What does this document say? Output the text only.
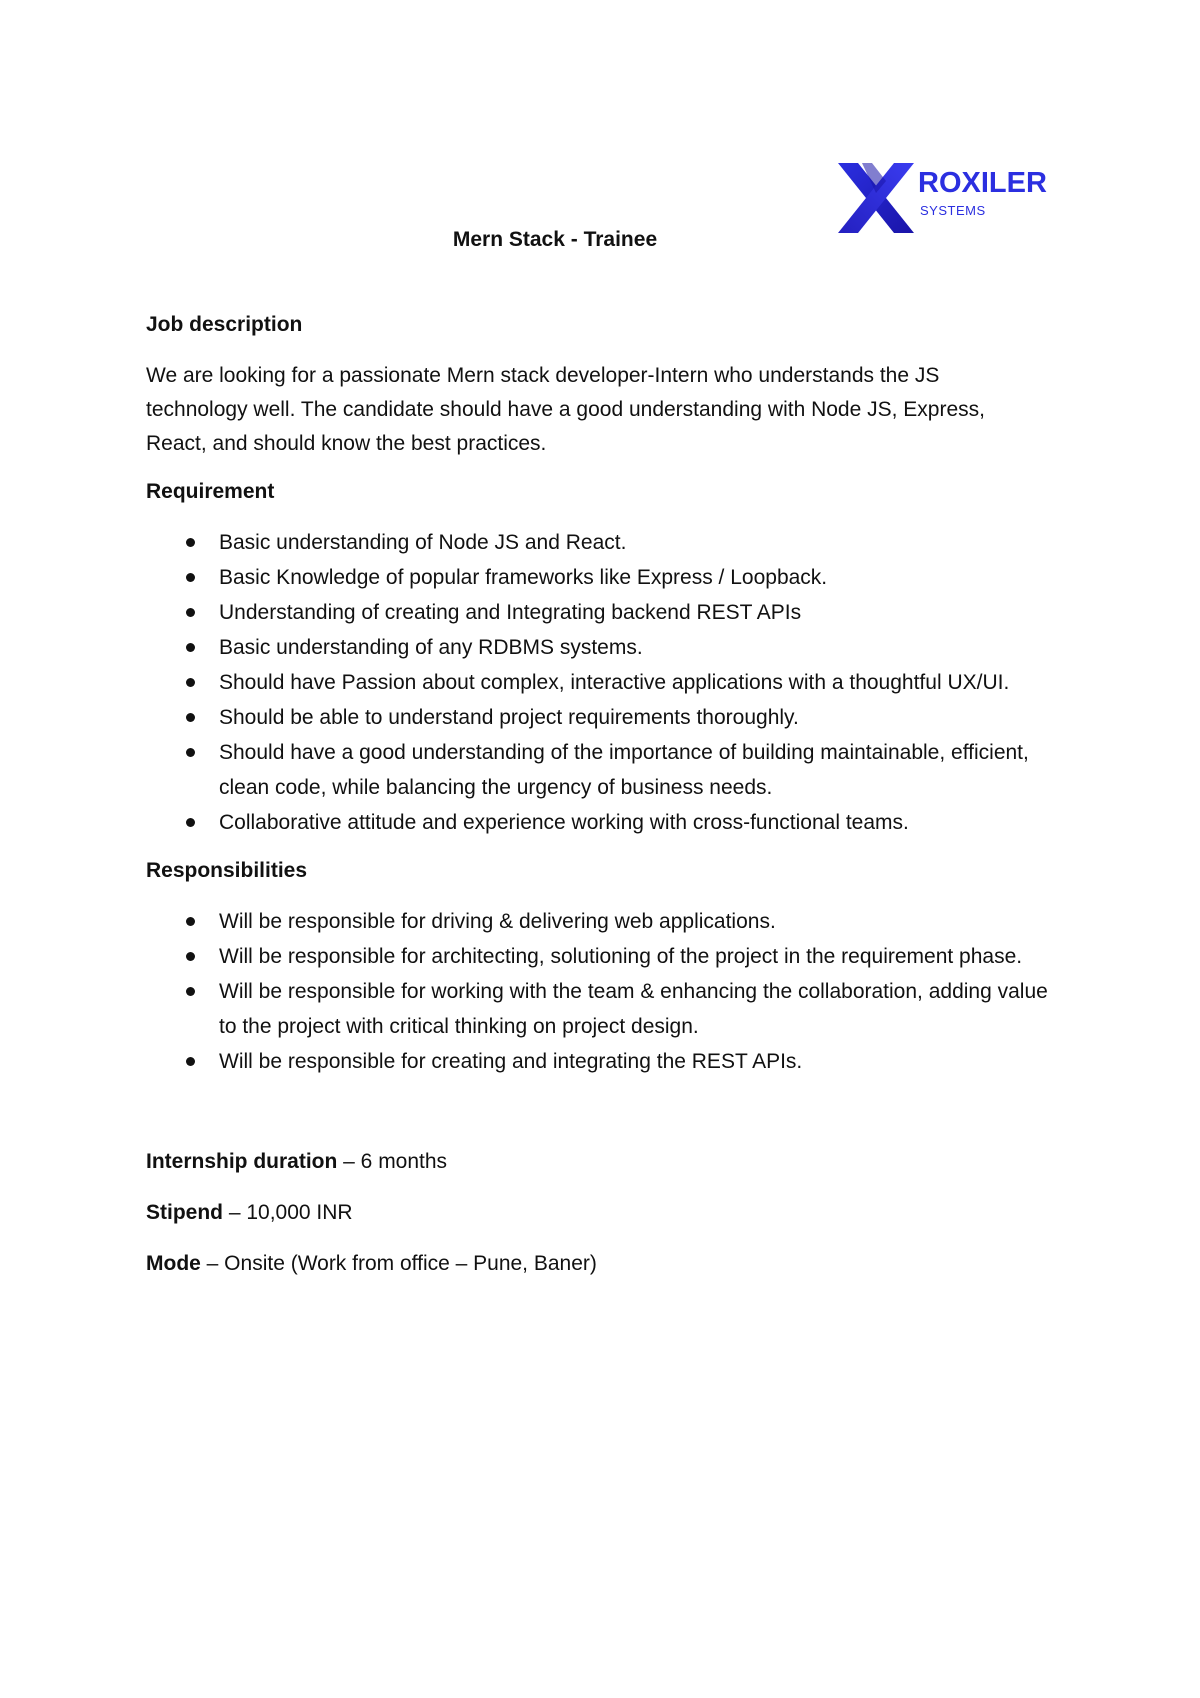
ROXILER
SYSTEMS
Mern Stack - Trainee
Job description

We are looking for a passionate Mern stack developer-Intern who understands the JS

technology well. The candidate should have a good understanding with Node JS, Express,

React, and should know the best practices.

Requirement
Basic understanding of Node JS and React.
Basic Knowledge of popular frameworks like Express / Loopback.
Understanding of creating and Integrating backend REST APIs
Basic understanding of any RDBMS systems.
Should have Passion about complex, interactive applications with a thoughtful UX/UI.
Should be able to understand project requirements thoroughly.
Should have a good understanding of the importance of building maintainable, efficient, clean code, while balancing the urgency of business needs.
Collaborative attitude and experience working with cross-functional teams.
Responsibilities
Will be responsible for driving & delivering web applications.
Will be responsible for architecting, solutioning of the project in the requirement phase.
Will be responsible for working with the team & enhancing the collaboration, adding value to the project with critical thinking on project design.
Will be responsible for creating and integrating the REST APIs.

Internship duration – 6 months

Stipend – 10,000 INR

Mode – Onsite (Work from office – Pune, Baner)
